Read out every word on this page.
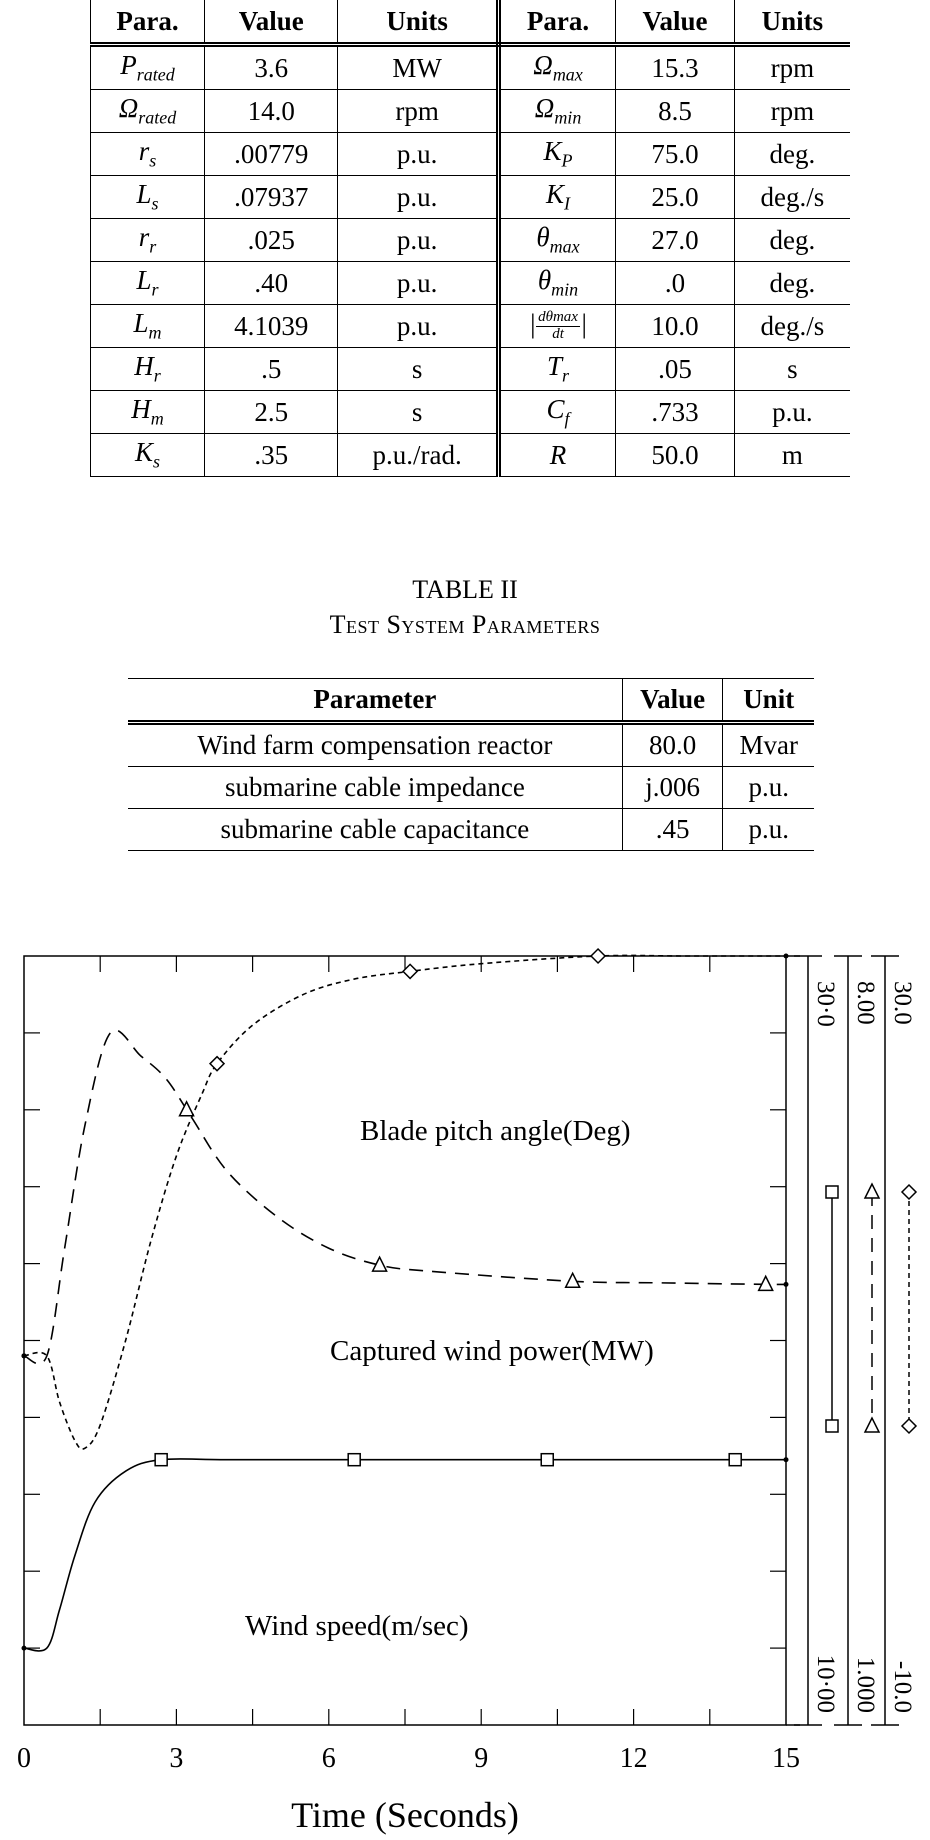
Para.	Value	Units	Para.	Value	Units
$P_{rated}$	3.6	MW	$\Omega_{max}$	15.3	rpm
$\Omega_{rated}$	14.0	rpm	$\Omega_{min}$	8.5	rpm
$r_s$	.00779	p.u.	$K_P$	75.0	deg.
$L_s$	.07937	p.u.	$K_I$	25.0	deg./s
$r_r$	.025	p.u.	$\theta_{max}$	27.0	deg.
$L_r$	.40	p.u.	$\theta_{min}$	.0	deg.
$L_m$	4.1039	p.u.	| $\frac{d\theta\max}{dt}$ |	10.0	deg./s
$H_r$	.5	s	$T_r$	.05	s
$H_m$	2.5	s	$C_f$	.733	p.u.
$K_s$	.35	p.u./rad.	R	50.0	m
TABLE II
Test System Parameters
Parameter	Value	Unit
Wind farm compensation reactor	80.0	Mvar
submarine cable impedance	j.006	p.u.
submarine cable capacitance	.45	p.u.
0	3	6	9	12	15
Time (Seconds)
Wind speed(m/sec)
Captured wind power(MW)
Blade pitch angle(Deg)
30·0
10·00
8.00
1.000
30.0
-10.0
